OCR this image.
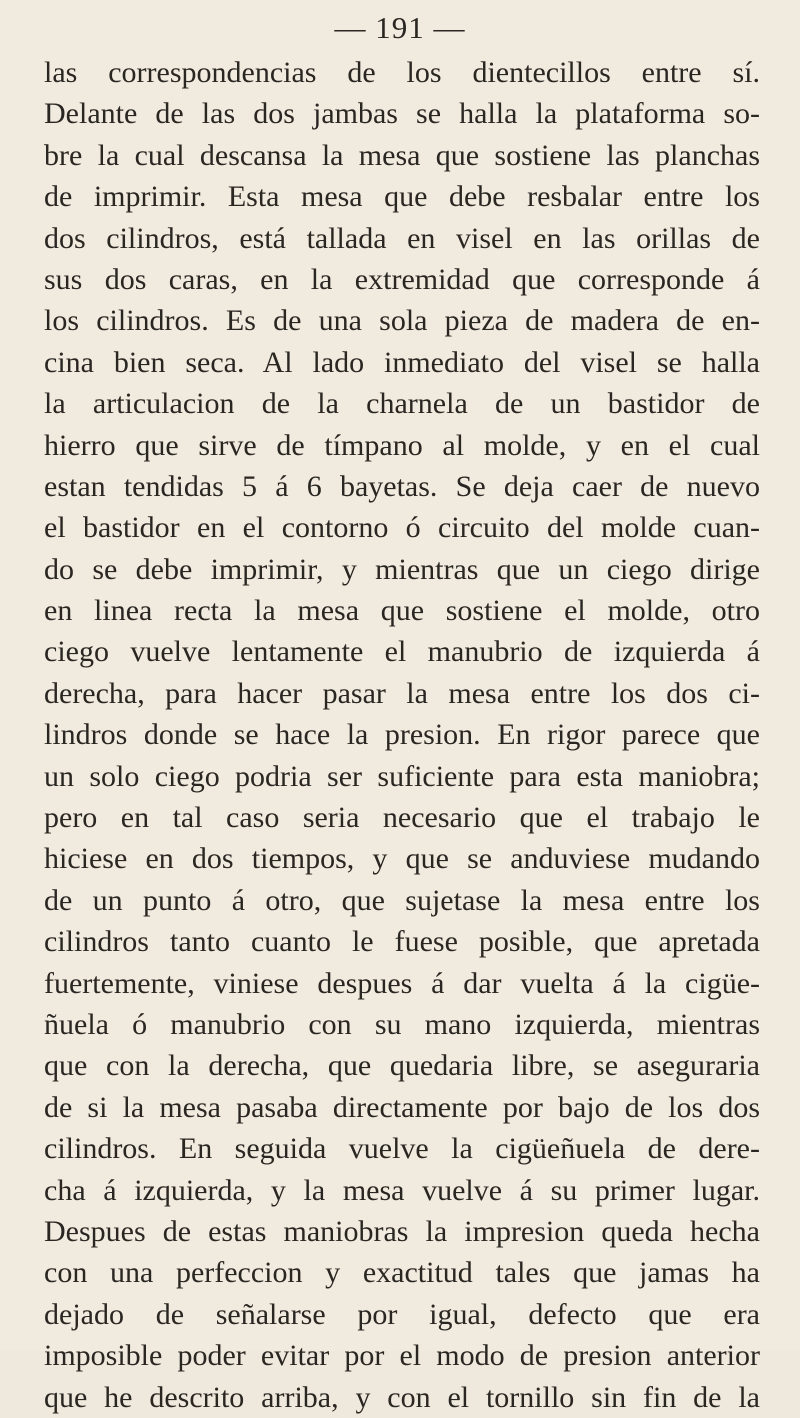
— 191 —
las correspondencias de los dientecillos entre sí.
Delante de las dos jambas se halla la plataforma so-
bre la cual descansa la mesa que sostiene las planchas
de imprimir. Esta mesa que debe resbalar entre los
dos cilindros, está tallada en visel en las orillas de
sus dos caras, en la extremidad que corresponde á
los cilindros. Es de una sola pieza de madera de en-
cina bien seca. Al lado inmediato del visel se halla
la articulacion de la charnela de un bastidor de
hierro que sirve de tímpano al molde, y en el cual
estan tendidas 5 á 6 bayetas. Se deja caer de nuevo
el bastidor en el contorno ó circuito del molde cuan-
do se debe imprimir, y mientras que un ciego dirige
en linea recta la mesa que sostiene el molde, otro
ciego vuelve lentamente el manubrio de izquierda á
derecha, para hacer pasar la mesa entre los dos ci-
lindros donde se hace la presion. En rigor parece que
un solo ciego podria ser suficiente para esta maniobra;
pero en tal caso seria necesario que el trabajo le
hiciese en dos tiempos, y que se anduviese mudando
de un punto á otro, que sujetase la mesa entre los
cilindros tanto cuanto le fuese posible, que apretada
fuertemente, viniese despues á dar vuelta á la cigüe-
ñuela ó manubrio con su mano izquierda, mientras
que con la derecha, que quedaria libre, se aseguraria
de si la mesa pasaba directamente por bajo de los dos
cilindros. En seguida vuelve la cigüeñuela de dere-
cha á izquierda, y la mesa vuelve á su primer lugar.
Despues de estas maniobras la impresion queda hecha
con una perfeccion y exactitud tales que jamas ha
dejado de señalarse por igual, defecto que era
imposible poder evitar por el modo de presion anterior
que he descrito arriba, y con el tornillo sin fin de la
